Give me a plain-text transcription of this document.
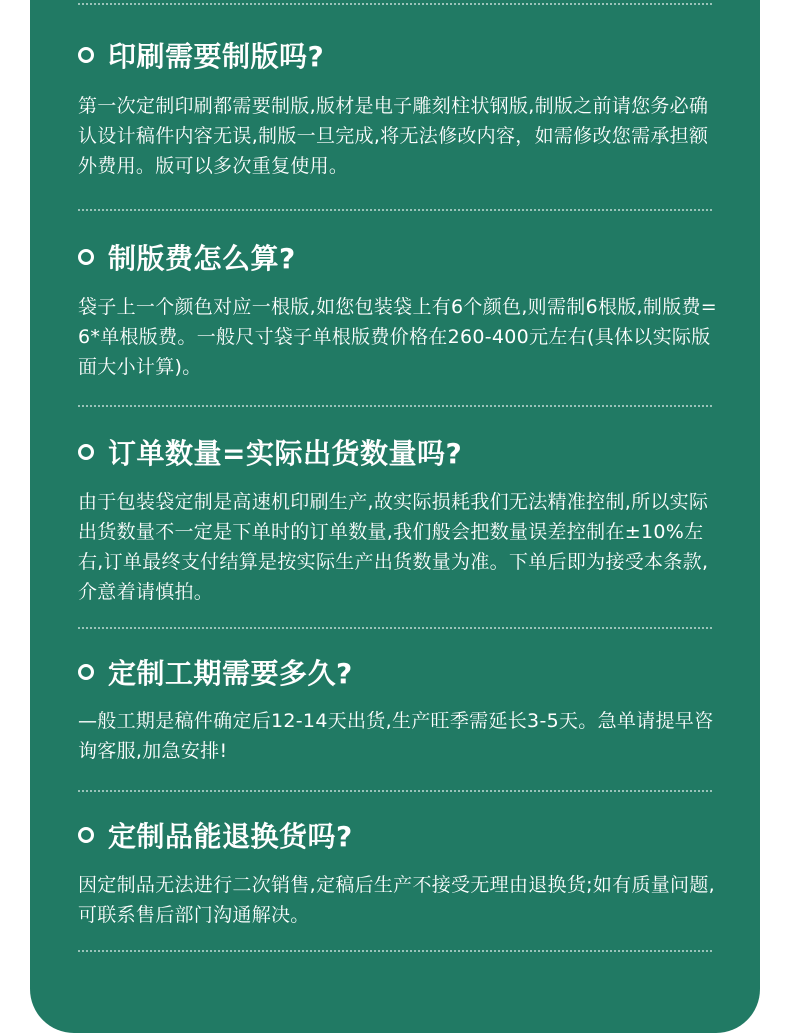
印刷需要制版吗?

第一次定制印刷都需要制版,版材是电子雕刻柱状钢版,制版之前请您务必确认设计稿件内容无误,制版一旦完成,将无法修改内容，如需修改您需承担额外费用。版可以多次重复使用。

制版费怎么算?

袋子上一个颜色对应一根版,如您包装袋上有6个颜色,则需制6根版,制版费=6*单根版费。一般尺寸袋子单根版费价格在260-400元左右(具体以实际版面大小计算)。

订单数量=实际出货数量吗?

由于包装袋定制是高速机印刷生产,故实际损耗我们无法精准控制,所以实际出货数量不一定是下单时的订单数量,我们般会把数量误差控制在±10%左右,订单最终支付结算是按实际生产出货数量为准。下单后即为接受本条款,介意着请慎拍。

定制工期需要多久?

—般工期是稿件确定后12-14天出货,生产旺季需延长3-5天。急单请提早咨询客服,加急安排!

定制品能退换货吗?

因定制品无法进行二次销售,定稿后生产不接受无理由退换货;如有质量问题,可联系售后部门沟通解决。
